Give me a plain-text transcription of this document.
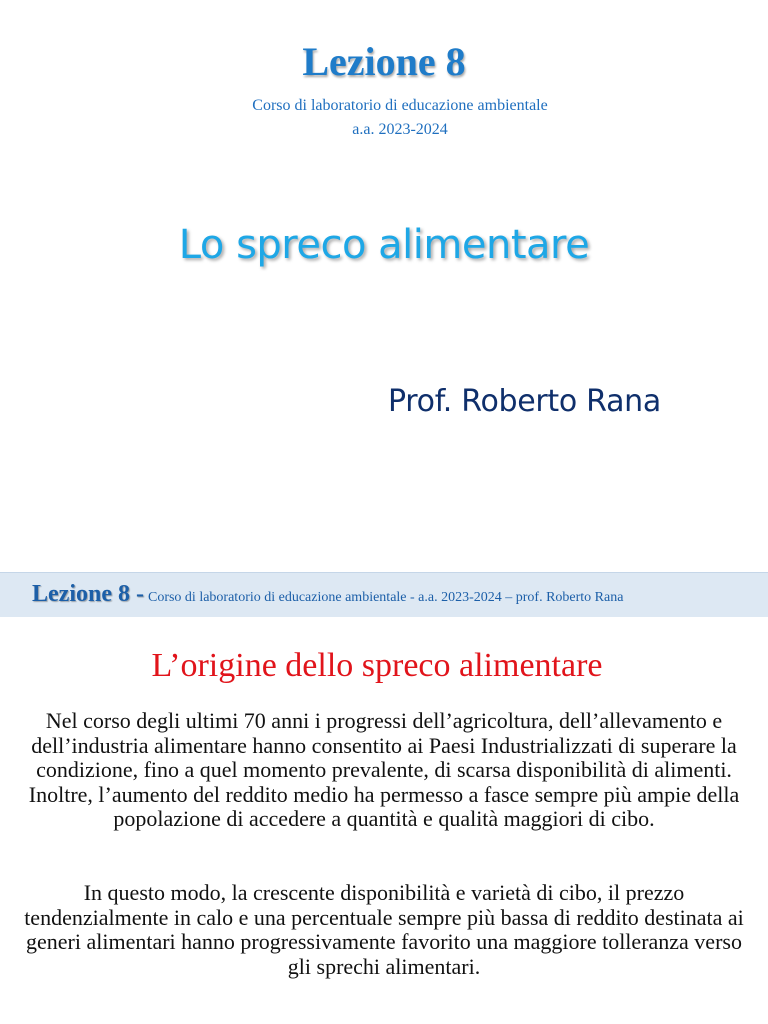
Lezione 8
Corso di laboratorio di educazione ambientale
a.a. 2023-2024
Lo spreco alimentare
Prof. Roberto Rana
Lezione 8 - Corso di laboratorio di educazione ambientale - a.a. 2023-2024 – prof. Roberto Rana
L’origine dello spreco alimentare
Nel corso degli ultimi 70 anni i progressi dell’agricoltura, dell’allevamento e dell’industria alimentare hanno consentito ai Paesi Industrializzati di superare la condizione, fino a quel momento prevalente, di scarsa disponibilità di alimenti. Inoltre, l’aumento del reddito medio ha permesso a fasce sempre più ampie della popolazione di accedere a quantità e qualità maggiori di cibo.
In questo modo, la crescente disponibilità e varietà di cibo, il prezzo tendenzialmente in calo e una percentuale sempre più bassa di reddito destinata ai generi alimentari hanno progressivamente favorito una maggiore tolleranza verso gli sprechi alimentari.
